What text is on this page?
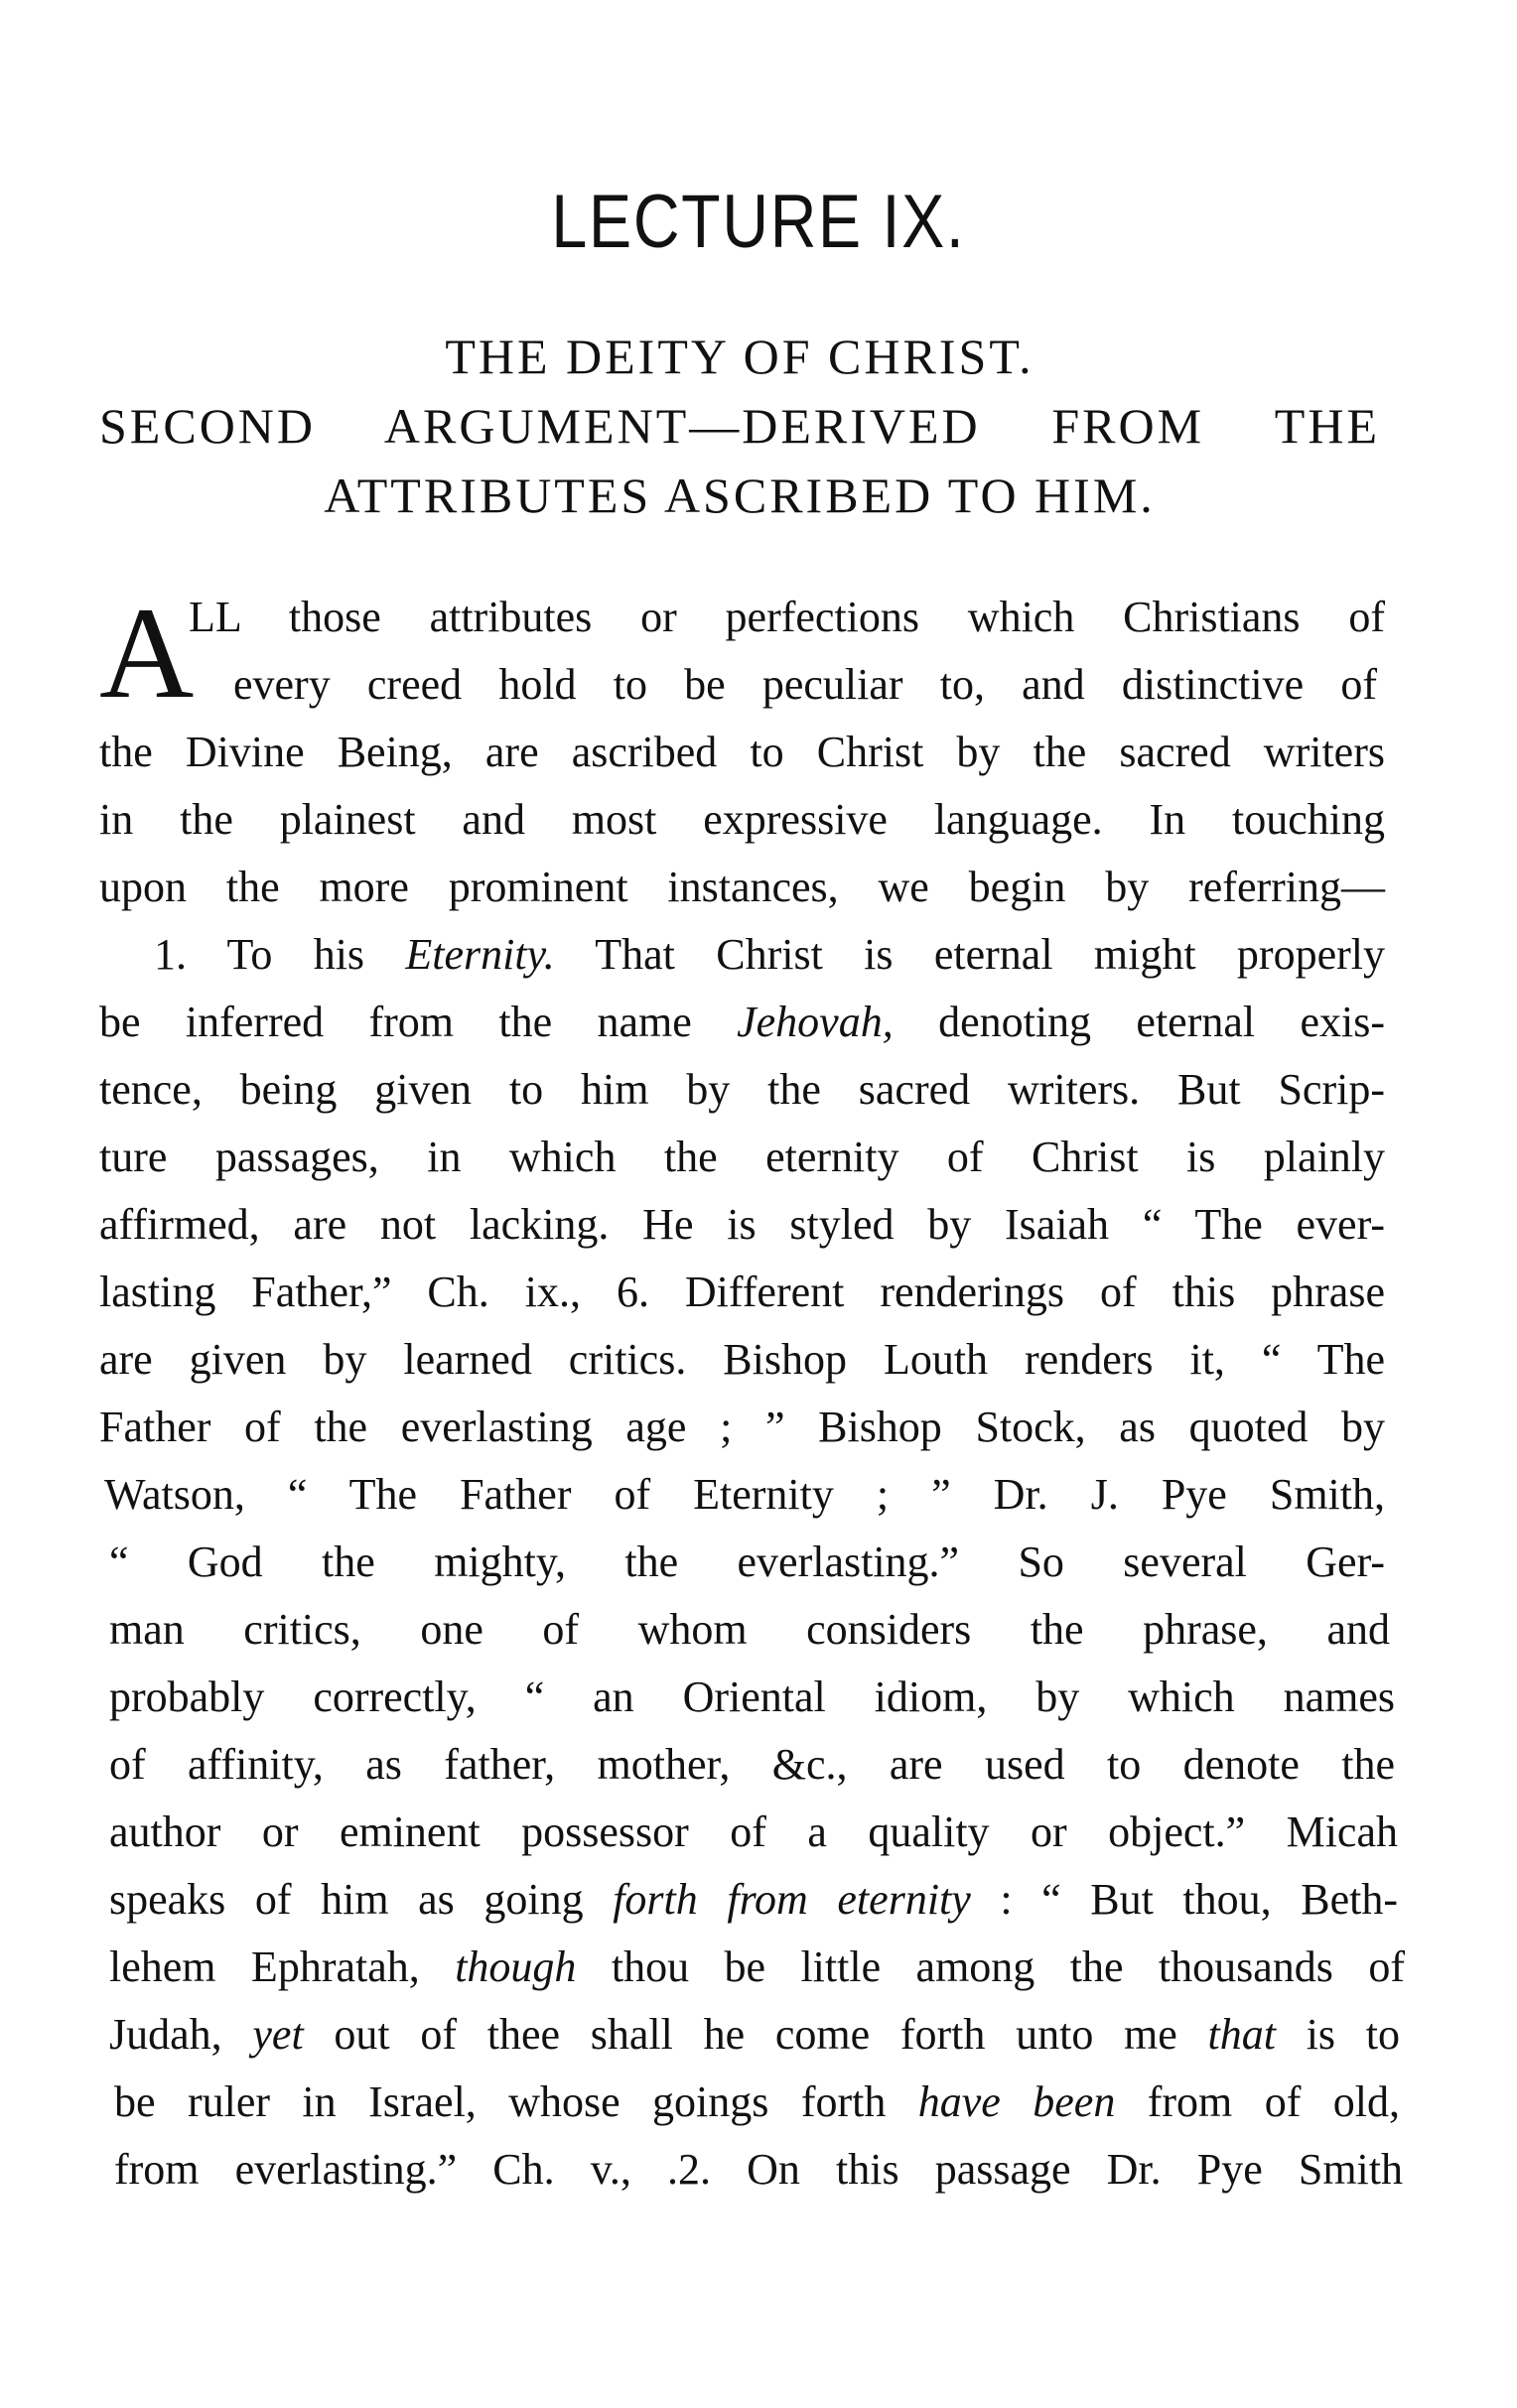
LECTURE IX.
THE DEITY OF CHRIST.
SECOND ARGUMENT—DERIVED FROM THE
ATTRIBUTES ASCRIBED TO HIM.
A
LL those attributes or perfections which Christians of
every creed hold to be peculiar to, and distinctive of
the Divine Being, are ascribed to Christ by the sacred writers
in the plainest and most expressive language. In touching
upon the more prominent instances, we begin by referring—
1. To his Eternity. That Christ is eternal might properly
be inferred from the name Jehovah, denoting eternal exis-
tence, being given to him by the sacred writers. But Scrip-
ture passages, in which the eternity of Christ is plainly
affirmed, are not lacking. He is styled by Isaiah “ The ever-
lasting Father,” Ch. ix., 6. Different renderings of this phrase
are given by learned critics. Bishop Louth renders it, “ The
Father of the everlasting age ; ” Bishop Stock, as quoted by
Watson, “ The Father of Eternity ; ” Dr. J. Pye Smith,
“ God the mighty, the everlasting.” So several Ger-
man critics, one of whom considers the phrase, and
probably correctly, “ an Oriental idiom, by which names
of affinity, as father, mother, &c., are used to denote the
author or eminent possessor of a quality or object.” Micah
speaks of him as going forth from eternity : “ But thou, Beth-
lehem Ephratah, though thou be little among the thousands of
Judah, yet out of thee shall he come forth unto me that is to
be ruler in Israel, whose goings forth have been from of old,
from everlasting.” Ch. v., .2. On this passage Dr. Pye Smith
